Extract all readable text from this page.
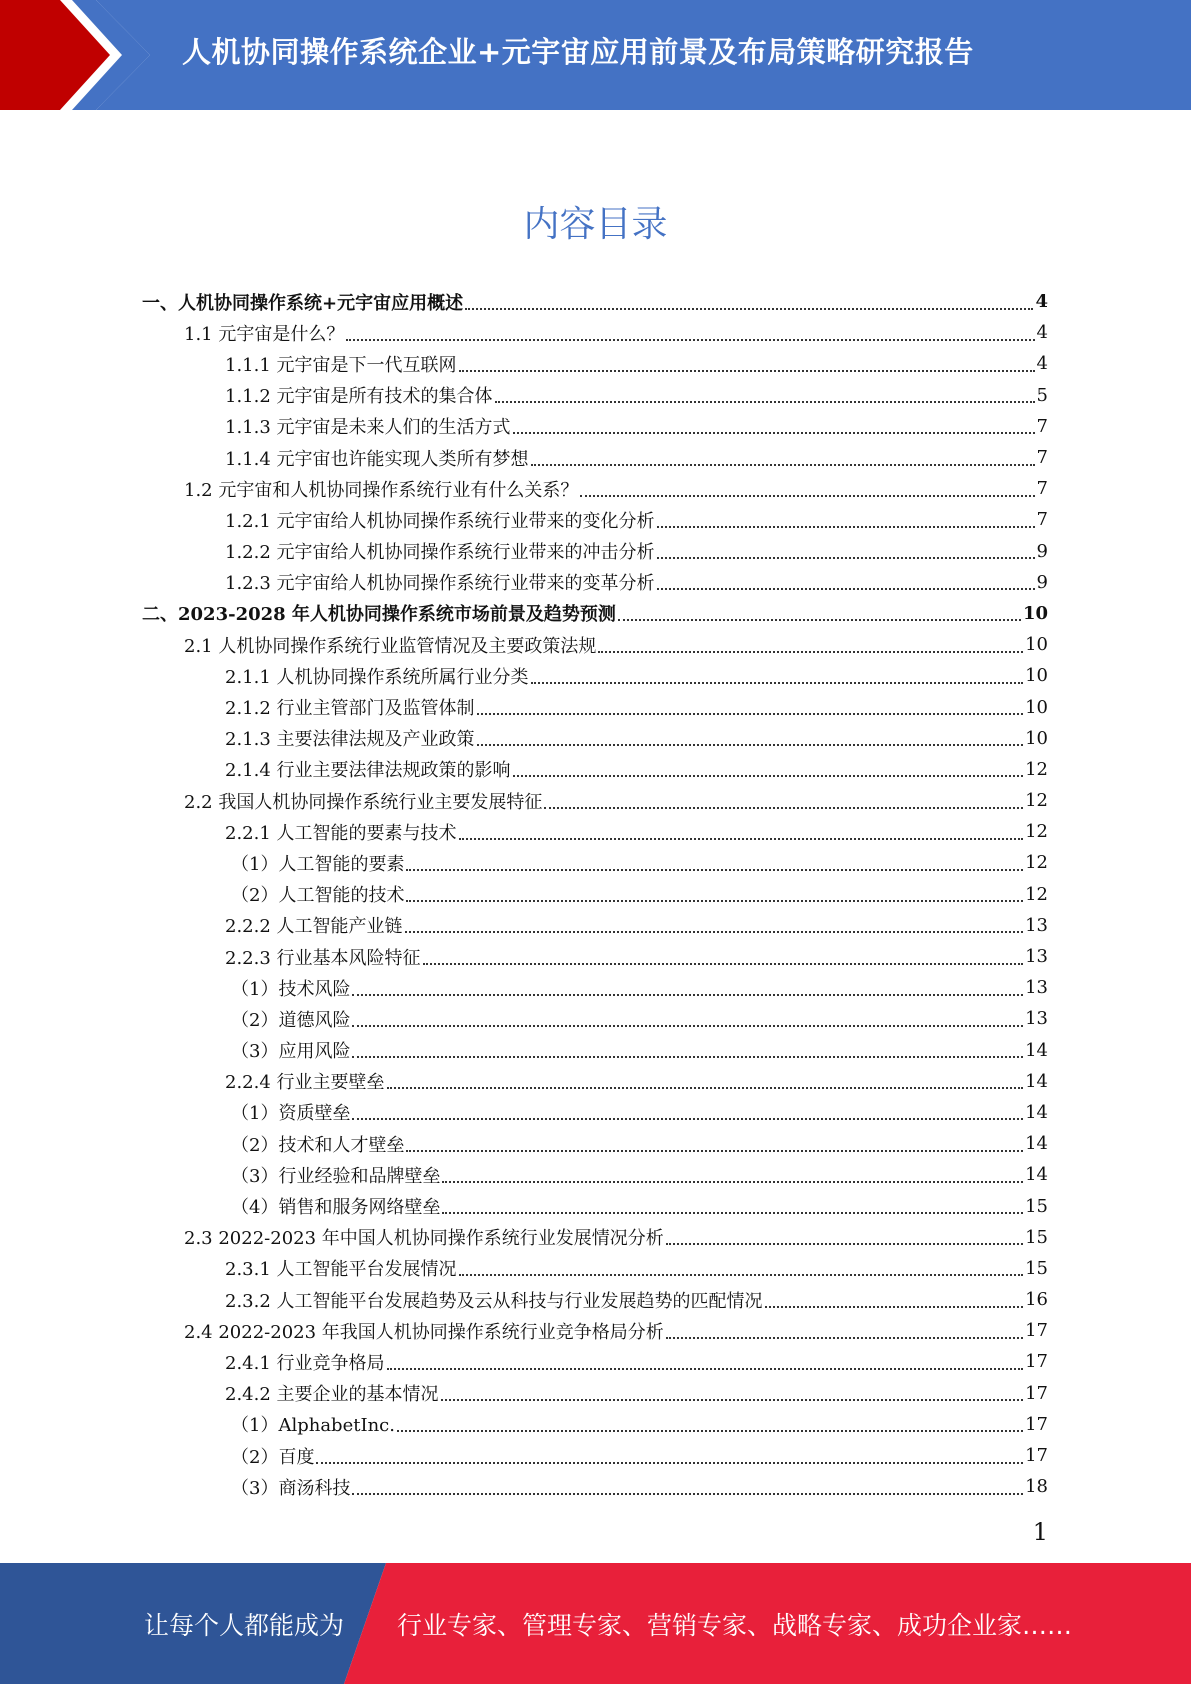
人机协同操作系统企业+元宇宙应用前景及布局策略研究报告
内容目录
一、人机协同操作系统+元宇宙应用概述	4
1.1 元宇宙是什么？	4
1.1.1 元宇宙是下一代互联网	4
1.1.2 元宇宙是所有技术的集合体	5
1.1.3 元宇宙是未来人们的生活方式	7
1.1.4 元宇宙也许能实现人类所有梦想	7
1.2 元宇宙和人机协同操作系统行业有什么关系？	7
1.2.1 元宇宙给人机协同操作系统行业带来的变化分析	7
1.2.2 元宇宙给人机协同操作系统行业带来的冲击分析	9
1.2.3 元宇宙给人机协同操作系统行业带来的变革分析	9
二、2023-2028 年人机协同操作系统市场前景及趋势预测	10
2.1 人机协同操作系统行业监管情况及主要政策法规	10
2.1.1 人机协同操作系统所属行业分类	10
2.1.2 行业主管部门及监管体制	10
2.1.3 主要法律法规及产业政策	10
2.1.4 行业主要法律法规政策的影响	12
2.2 我国人机协同操作系统行业主要发展特征	12
2.2.1 人工智能的要素与技术	12
（1）人工智能的要素	12
（2）人工智能的技术	12
2.2.2 人工智能产业链	13
2.2.3 行业基本风险特征	13
（1）技术风险	13
（2）道德风险	13
（3）应用风险	14
2.2.4 行业主要壁垒	14
（1）资质壁垒	14
（2）技术和人才壁垒	14
（3）行业经验和品牌壁垒	14
（4）销售和服务网络壁垒	15
2.3 2022-2023 年中国人机协同操作系统行业发展情况分析	15
2.3.1 人工智能平台发展情况	15
2.3.2 人工智能平台发展趋势及云从科技与行业发展趋势的匹配情况	16
2.4 2022-2023 年我国人机协同操作系统行业竞争格局分析	17
2.4.1 行业竞争格局	17
2.4.2 主要企业的基本情况	17
（1）AlphabetInc.	17
（2）百度	17
（3）商汤科技	18
1
让每个人都能成为 行业专家、管理专家、营销专家、战略专家、成功企业家……
